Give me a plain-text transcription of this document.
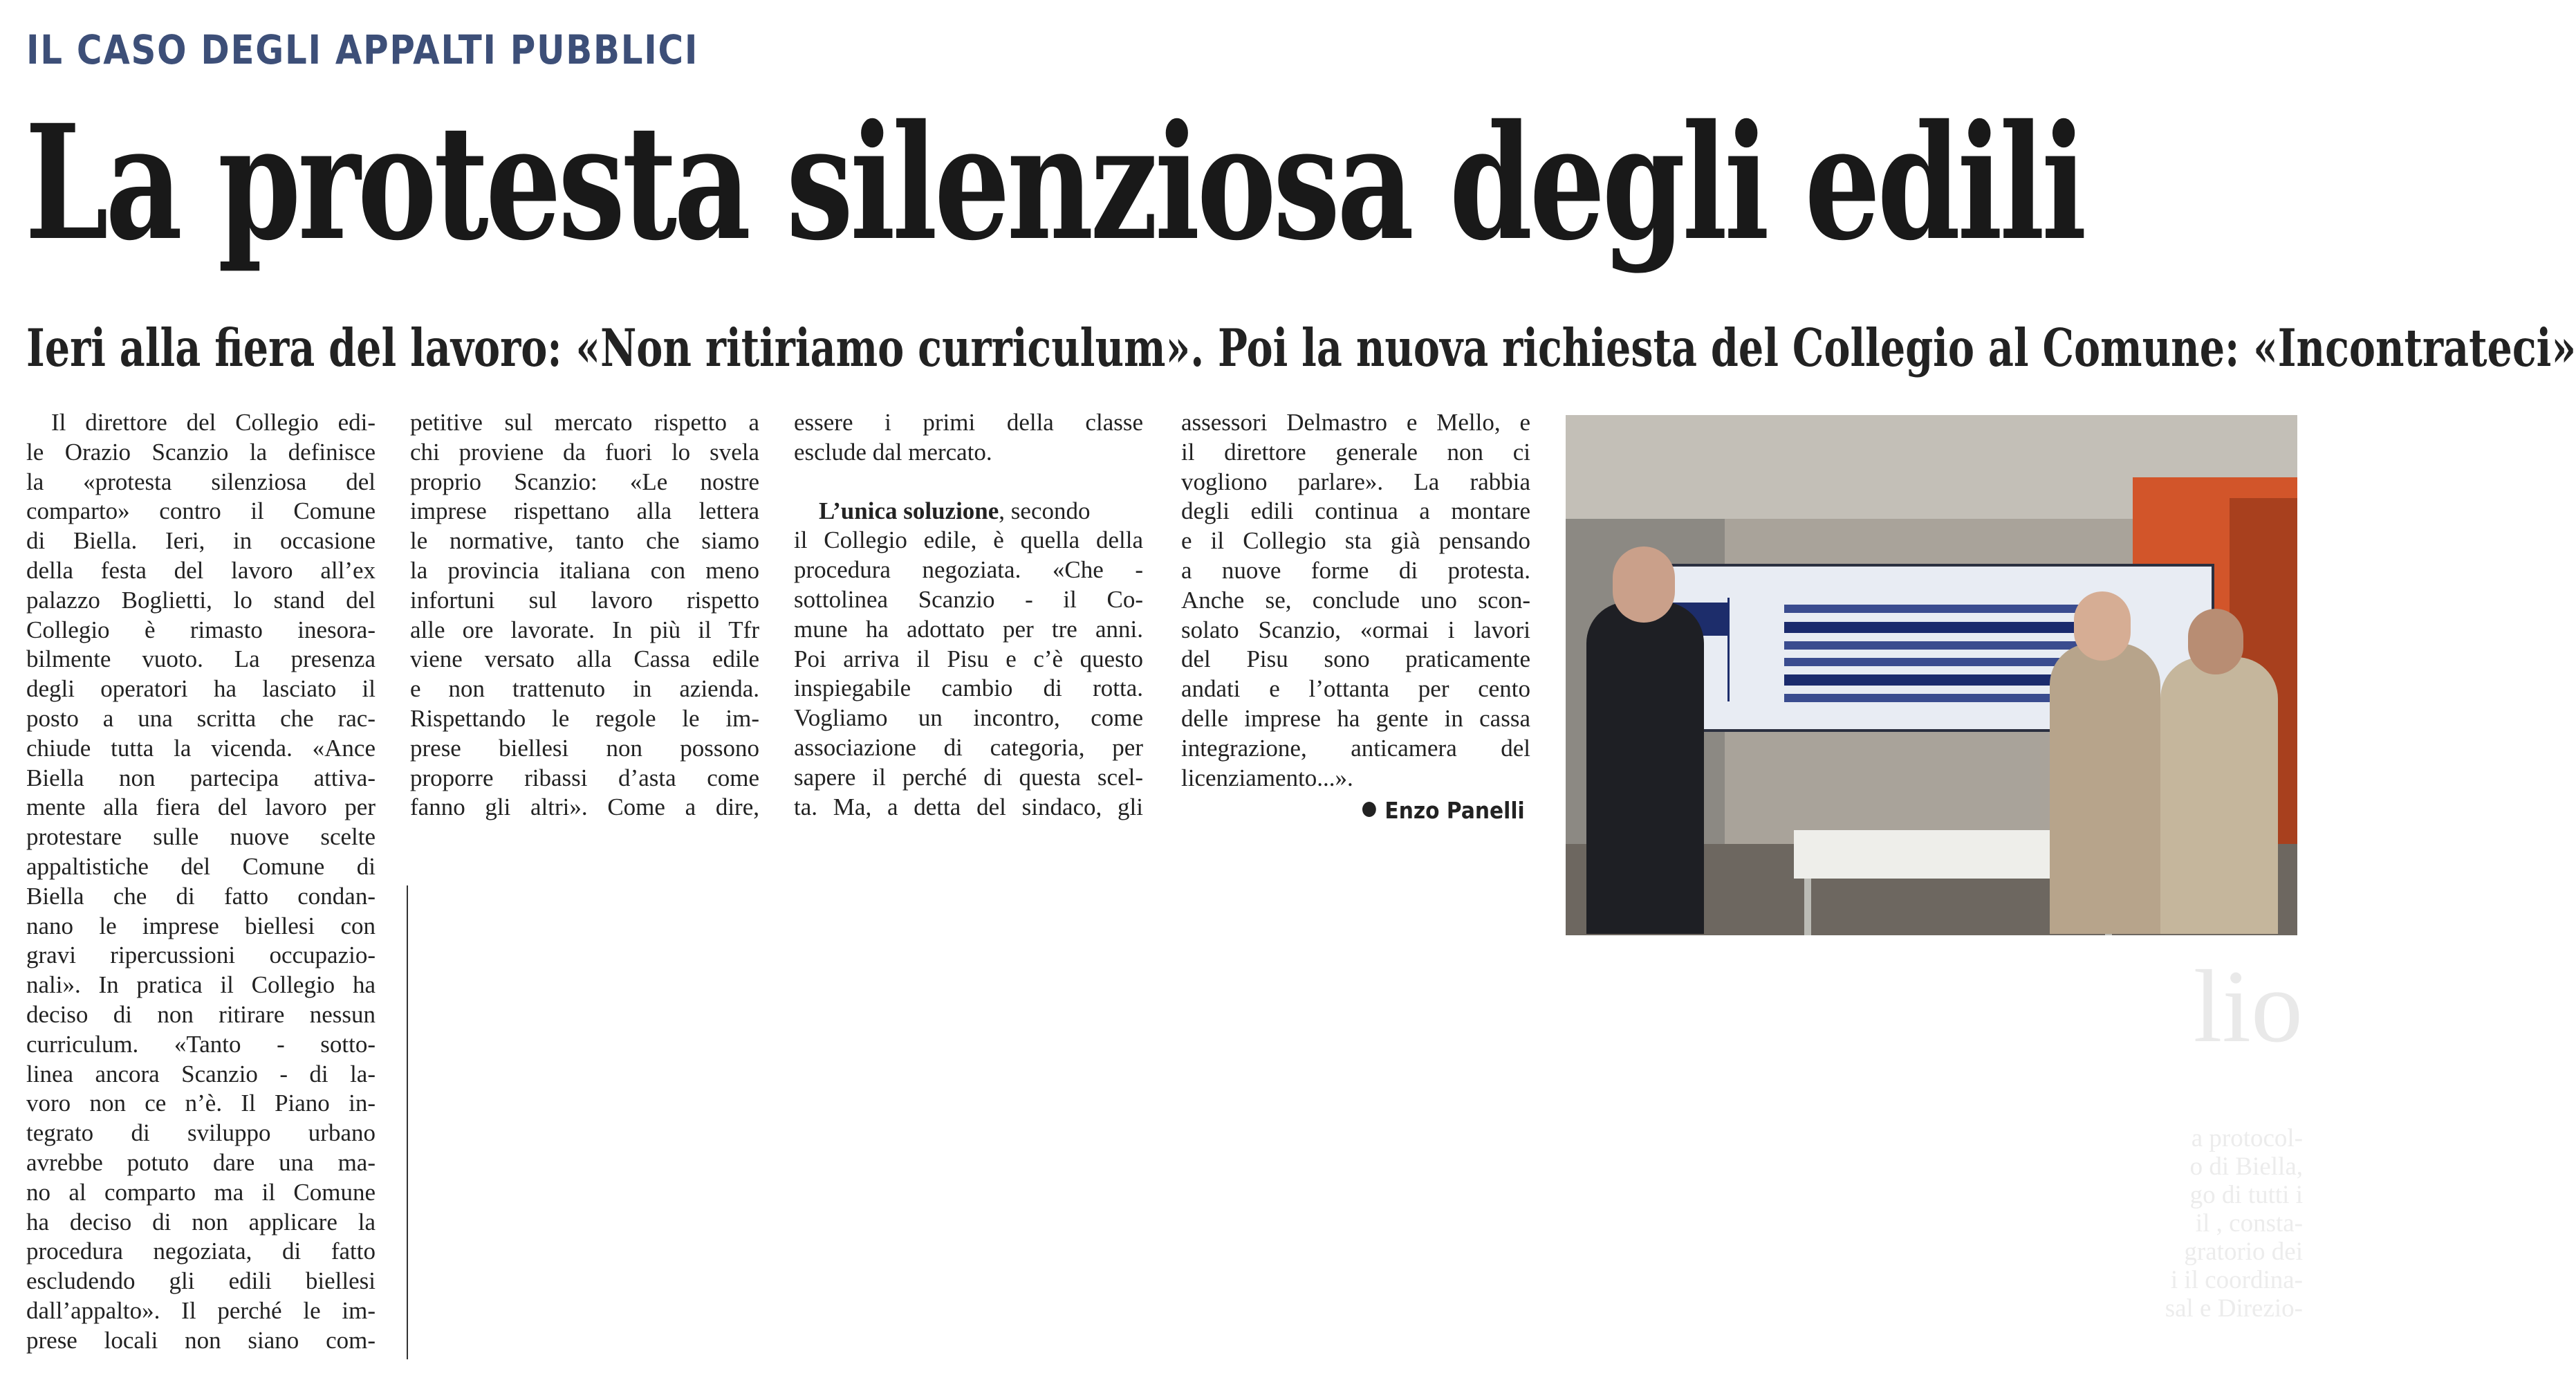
IL CASO DEGLI APPALTI PUBBLICI
La protesta silenziosa degli edili
Ieri alla fiera del lavoro: «Non ritiriamo curriculum». Poi la nuova richiesta del Collegio al Comune: «Incontrateci»
Il direttore del Collegio edi-
le Orazio Scanzio la definisce
la «protesta silenziosa del
comparto» contro il Comune
di Biella. Ieri, in occasione
della festa del lavoro all’ex
palazzo Boglietti, lo stand del
Collegio è rimasto inesora-
bilmente vuoto. La presenza
degli operatori ha lasciato il
posto a una scritta che rac-
chiude tutta la vicenda. «Ance
Biella non partecipa attiva-
mente alla fiera del lavoro per
protestare sulle nuove scelte
appaltistiche del Comune di
Biella che di fatto condan-
nano le imprese biellesi con
gravi ripercussioni occupazio-
nali». In pratica il Collegio ha
deciso di non ritirare nessun
curriculum. «Tanto - sotto-
linea ancora Scanzio - di la-
voro non ce n’è. Il Piano in-
tegrato di sviluppo urbano
avrebbe potuto dare una ma-
no al comparto ma il Comune
ha deciso di non applicare la
procedura negoziata, di fatto
escludendo gli edili biellesi
dall’appalto». Il perché le im-
prese locali non siano com-
petitive sul mercato rispetto a
chi proviene da fuori lo svela
proprio Scanzio: «Le nostre
imprese rispettano alla lettera
le normative, tanto che siamo
la provincia italiana con meno
infortuni sul lavoro rispetto
alle ore lavorate. In più il Tfr
viene versato alla Cassa edile
e non trattenuto in azienda.
Rispettando le regole le im-
prese biellesi non possono
proporre ribassi d’asta come
fanno gli altri». Come a dire,
essere i primi della classe
esclude dal mercato.
L’unica soluzione, secondo
il Collegio edile, è quella della
procedura negoziata. «Che -
sottolinea Scanzio - il Co-
mune ha adottato per tre anni.
Poi arriva il Pisu e c’è questo
inspiegabile cambio di rotta.
Vogliamo un incontro, come
associazione di categoria, per
sapere il perché di questa scel-
ta. Ma, a detta del sindaco, gli
assessori Delmastro e Mello, e
il direttore generale non ci
vogliono parlare». La rabbia
degli edili continua a montare
e il Collegio sta già pensando
a nuove forme di protesta.
Anche se, conclude uno scon-
solato Scanzio, «ormai i lavori
del Pisu sono praticamente
andati e l’ottanta per cento
delle imprese ha gente in cassa
integrazione, anticamera del
licenziamento...».

Enzo Panelli

lio

a protocol-

o di Biella,

go di tutti i

il , consta-

gratorio dei

i il coordina-

sal e Direzio-
